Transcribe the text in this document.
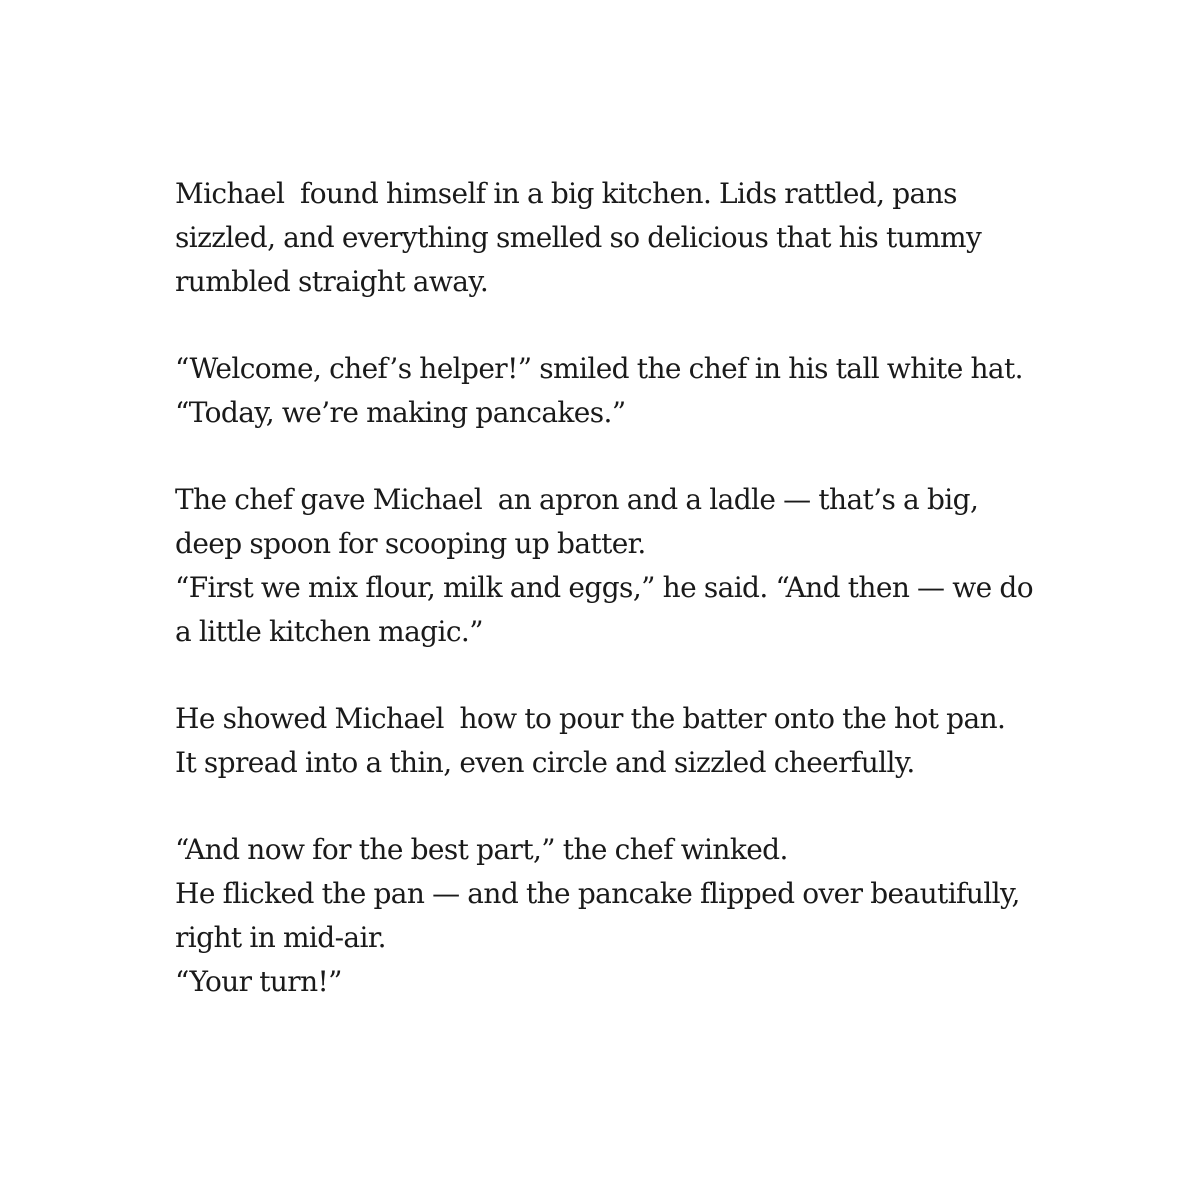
Michael  found himself in a big kitchen. Lids rattled, pans
sizzled, and everything smelled so delicious that his tummy
rumbled straight away.

“Welcome, chef’s helper!” smiled the chef in his tall white hat.
“Today, we’re making pancakes.”

The chef gave Michael  an apron and a ladle — that’s a big,
deep spoon for scooping up batter.
“First we mix flour, milk and eggs,” he said. “And then — we do
a little kitchen magic.”

He showed Michael  how to pour the batter onto the hot pan.
It spread into a thin, even circle and sizzled cheerfully.

“And now for the best part,” the chef winked.
He flicked the pan — and the pancake flipped over beautifully,
right in mid-air.
“Your turn!”
